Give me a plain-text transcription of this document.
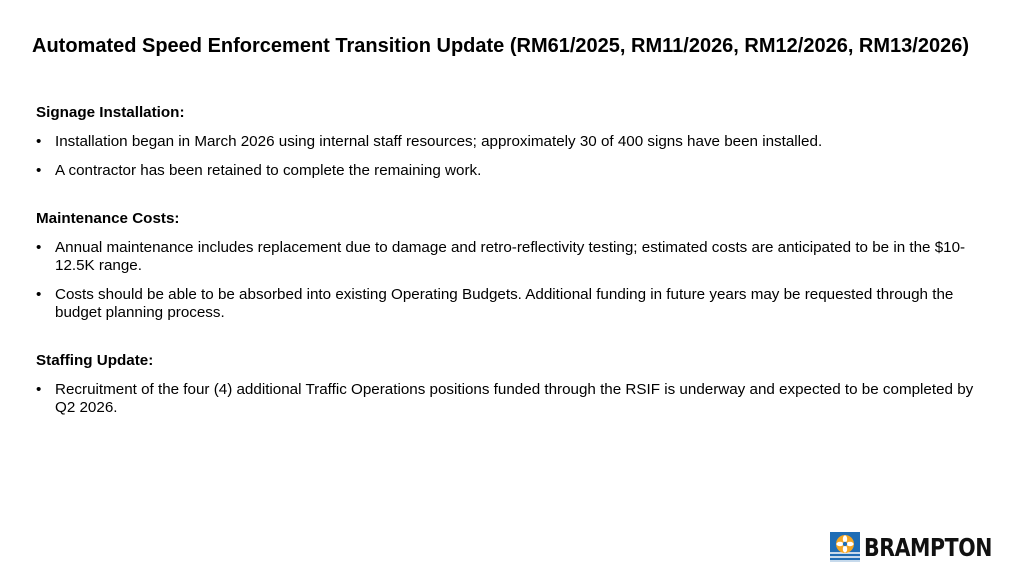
Automated Speed Enforcement Transition Update (RM61/2025, RM11/2026, RM12/2026, RM13/2026)
Signage Installation:
• Installation began in March 2026 using internal staff resources; approximately 30 of 400 signs have been installed.
• A contractor has been retained to complete the remaining work.
Maintenance Costs:
• Annual maintenance includes replacement due to damage and retro-reflectivity testing; estimated costs are anticipated to be in the $10-12.5K range.
• Costs should be able to be absorbed into existing Operating Budgets. Additional funding in future years may be requested through the budget planning process.
Staffing Update:
• Recruitment of the four (4) additional Traffic Operations positions funded through the RSIF is underway and expected to be completed by Q2 2026.
BRAMPTON
